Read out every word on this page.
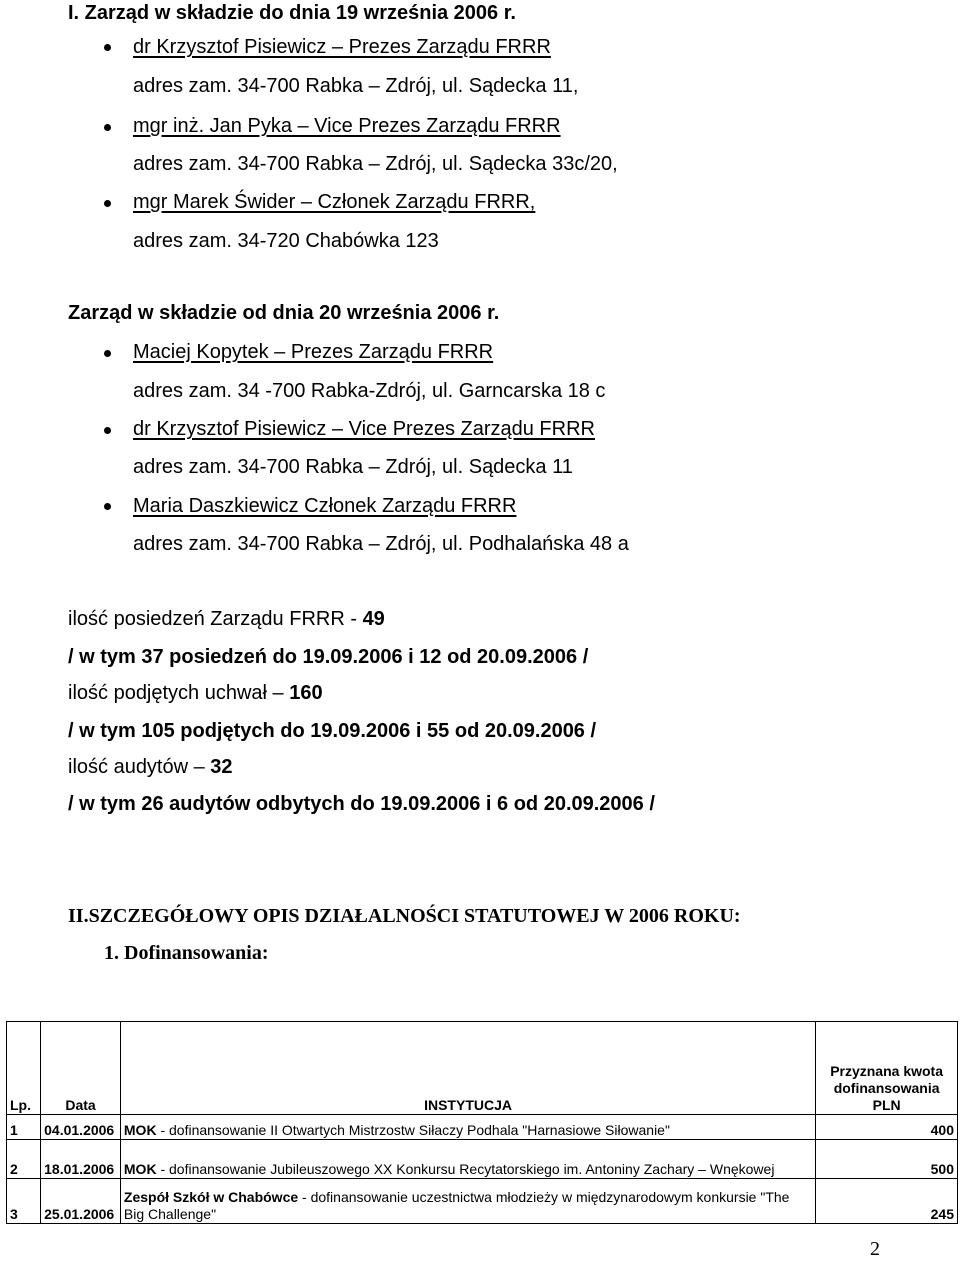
I. Zarząd w składzie do dnia 19 września 2006 r.
dr Krzysztof Pisiewicz – Prezes Zarządu FRRR
adres zam. 34-700 Rabka – Zdrój, ul. Sądecka 11,
mgr inż. Jan Pyka – Vice Prezes Zarządu FRRR
adres zam. 34-700 Rabka – Zdrój, ul. Sądecka 33c/20,
mgr Marek Świder – Członek Zarządu FRRR,
adres zam. 34-720 Chabówka 123
Zarząd w składzie od dnia 20 września 2006 r.
Maciej Kopytek – Prezes Zarządu FRRR
adres zam. 34 -700 Rabka-Zdrój, ul. Garncarska 18 c
dr Krzysztof Pisiewicz – Vice Prezes Zarządu FRRR
adres zam. 34-700 Rabka – Zdrój, ul. Sądecka 11
Maria Daszkiewicz Członek Zarządu FRRR
adres zam. 34-700 Rabka – Zdrój, ul. Podhalańska 48 a
ilość posiedzeń Zarządu FRRR - 49
/ w tym 37 posiedzeń do 19.09.2006 i 12 od 20.09.2006 /
ilość podjętych uchwał – 160
/ w tym 105 podjętych do 19.09.2006 i 55 od 20.09.2006 /
ilość audytów – 32
/ w tym 26 audytów odbytych do 19.09.2006 i 6 od 20.09.2006 /
II.SZCZEGÓŁOWY OPIS DZIAŁALNOŚCI STATUTOWEJ W 2006 ROKU:
1. Dofinansowania:
Lp.	Data	INSTYTUCJA	Przyznana kwota dofinansowania PLN
1	04.01.2006	MOK - dofinansowanie II Otwartych Mistrzostw Siłaczy Podhala "Harnasiowe Siłowanie"	400
2	18.01.2006	MOK - dofinansowanie Jubileuszowego XX Konkursu Recytatorskiego im. Antoniny Zachary – Wnękowej	500
3	25.01.2006	Zespół Szkół w Chabówce - dofinansowanie uczestnictwa młodzieży w międzynarodowym konkursie "The Big Challenge"	245
2
